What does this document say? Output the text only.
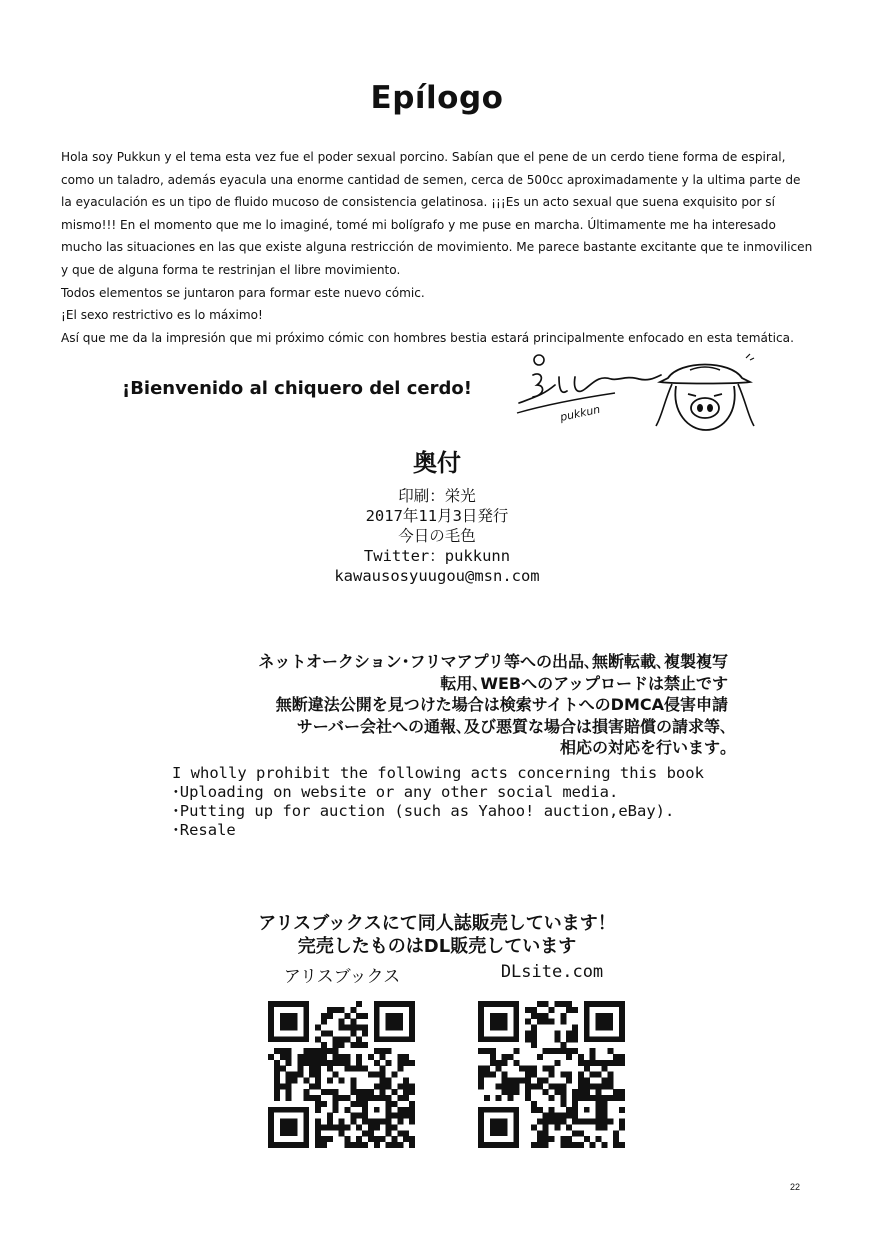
Epílogo

Hola soy Pukkun y el tema esta vez fue el poder sexual porcino. Sabían que el pene de un cerdo tiene forma de espiral, como un taladro, además eyacula una enorme cantidad de semen, cerca de 500cc aproximadamente y la ultima parte de la eyaculación es un tipo de fluido mucoso de consistencia gelatinosa. ¡¡¡Es un acto sexual que suena exquisito por sí mismo!!! En el momento que me lo imaginé, tomé mi bolígrafo y me puse en marcha. Últimamente me ha interesado mucho las situaciones en las que existe alguna restricción de movimiento. Me parece bastante excitante que te inmovilicen y que de alguna forma te restrinjan el libre movimiento.

Todos elementos se juntaron para formar este nuevo cómic.

¡El sexo restrictivo es lo máximo!

Así que me da la impresión que mi próximo cómic con hombres bestia estará principalmente enfocado en esta temática.

¡Bienvenido al chiquero del cerdo!
pukkun
奥付
印刷：栄光
2017年11月3日発行
今日の毛色
Twitter：pukkunn
kawausosyuugou@msn.com
ネットオークション･フリマアプリ等への出品､無断転載､複製複写
転用､WEBへのアップロードは禁止です
無断違法公開を見つけた場合は検索サイトへのDMCA侵害申請
サーバー会社への通報､及び悪質な場合は損害賠償の請求等､
相応の対応を行います｡
I wholly prohibit the following acts concerning this book
･Uploading on website or any other social media.
･Putting up for auction (such as Yahoo! auction,eBay).
･Resale
アリスブックスにて同人誌販売しています！
完売したものはDL販売しています
アリスブックス	DLsite.com
22
